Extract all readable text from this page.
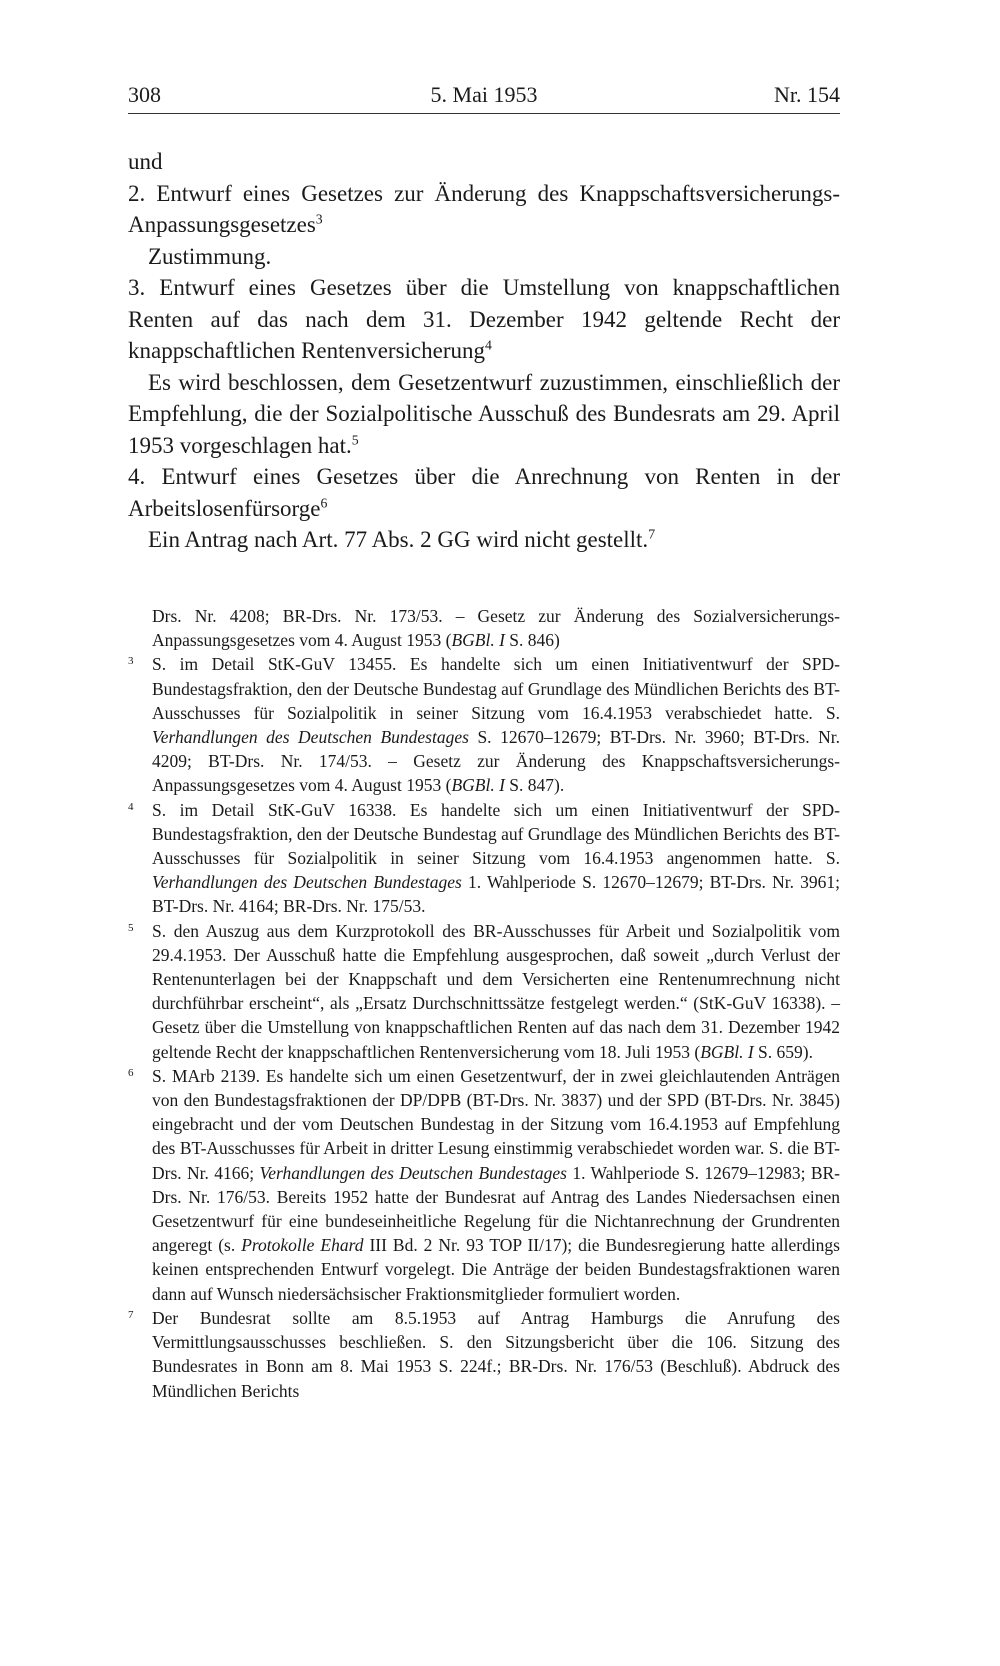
308	5. Mai 1953	Nr. 154

und

2. Entwurf eines Gesetzes zur Änderung des Knappschaftsversicherungs-Anpassungsgesetzes$^3$

Zustimmung.

3. Entwurf eines Gesetzes über die Umstellung von knappschaftlichen Renten auf das nach dem 31. Dezember 1942 geltende Recht der knappschaftlichen Rentenversicherung$^4$

Es wird beschlossen, dem Gesetzentwurf zuzustimmen, einschließlich der Empfehlung, die der Sozialpolitische Ausschuß des Bundesrats am 29. April 1953 vorgeschlagen hat.$^5$

4. Entwurf eines Gesetzes über die Anrechnung von Renten in der Arbeitslosenfürsorge$^6$

Ein Antrag nach Art. 77 Abs. 2 GG wird nicht gestellt.$^7$

Drs. Nr. 4208; BR-Drs. Nr. 173/53. – Gesetz zur Änderung des Sozialversicherungs-Anpassungsgesetzes vom 4. August 1953 (BGBl. I S. 846)

3 S. im Detail StK-GuV 13455. Es handelte sich um einen Initiativentwurf der SPD-Bundestagsfraktion, den der Deutsche Bundestag auf Grundlage des Mündlichen Berichts des BT-Ausschusses für Sozialpolitik in seiner Sitzung vom 16.4.1953 verabschiedet hatte. S. Verhandlungen des Deutschen Bundestages S. 12670–12679; BT-Drs. Nr. 3960; BT-Drs. Nr. 4209; BT-Drs. Nr. 174/53. – Gesetz zur Änderung des Knappschaftsversicherungs-Anpassungsgesetzes vom 4. August 1953 (BGBl. I S. 847).

4 S. im Detail StK-GuV 16338. Es handelte sich um einen Initiativentwurf der SPD-Bundestagsfraktion, den der Deutsche Bundestag auf Grundlage des Mündlichen Berichts des BT-Ausschusses für Sozialpolitik in seiner Sitzung vom 16.4.1953 angenommen hatte. S. Verhandlungen des Deutschen Bundestages 1. Wahlperiode S. 12670–12679; BT-Drs. Nr. 3961; BT-Drs. Nr. 4164; BR-Drs. Nr. 175/53.

5 S. den Auszug aus dem Kurzprotokoll des BR-Ausschusses für Arbeit und Sozialpolitik vom 29.4.1953. Der Ausschuß hatte die Empfehlung ausgesprochen, daß soweit „durch Verlust der Rentenunterlagen bei der Knappschaft und dem Versicherten eine Rentenumrechnung nicht durchführbar erscheint“, als „Ersatz Durchschnittssätze festgelegt werden.“ (StK-GuV 16338). – Gesetz über die Umstellung von knappschaftlichen Renten auf das nach dem 31. Dezember 1942 geltende Recht der knappschaftlichen Rentenversicherung vom 18. Juli 1953 (BGBl. I S. 659).

6 S. MArb 2139. Es handelte sich um einen Gesetzentwurf, der in zwei gleichlautenden Anträgen von den Bundestagsfraktionen der DP/DPB (BT-Drs. Nr. 3837) und der SPD (BT-Drs. Nr. 3845) eingebracht und der vom Deutschen Bundestag in der Sitzung vom 16.4.1953 auf Empfehlung des BT-Ausschusses für Arbeit in dritter Lesung einstimmig verabschiedet worden war. S. die BT-Drs. Nr. 4166; Verhandlungen des Deutschen Bundestages 1. Wahlperiode S. 12679–12983; BR-Drs. Nr. 176/53. Bereits 1952 hatte der Bundesrat auf Antrag des Landes Niedersachsen einen Gesetzentwurf für eine bundeseinheitliche Regelung für die Nichtanrechnung der Grundrenten angeregt (s. Protokolle Ehard III Bd. 2 Nr. 93 TOP II/17); die Bundesregierung hatte allerdings keinen entsprechenden Entwurf vorgelegt. Die Anträge der beiden Bundestagsfraktionen waren dann auf Wunsch niedersächsischer Fraktionsmitglieder formuliert worden.

7 Der Bundesrat sollte am 8.5.1953 auf Antrag Hamburgs die Anrufung des Vermittlungsausschusses beschließen. S. den Sitzungsbericht über die 106. Sitzung des Bundesrates in Bonn am 8. Mai 1953 S. 224f.; BR-Drs. Nr. 176/53 (Beschluß). Abdruck des Mündlichen Berichts
